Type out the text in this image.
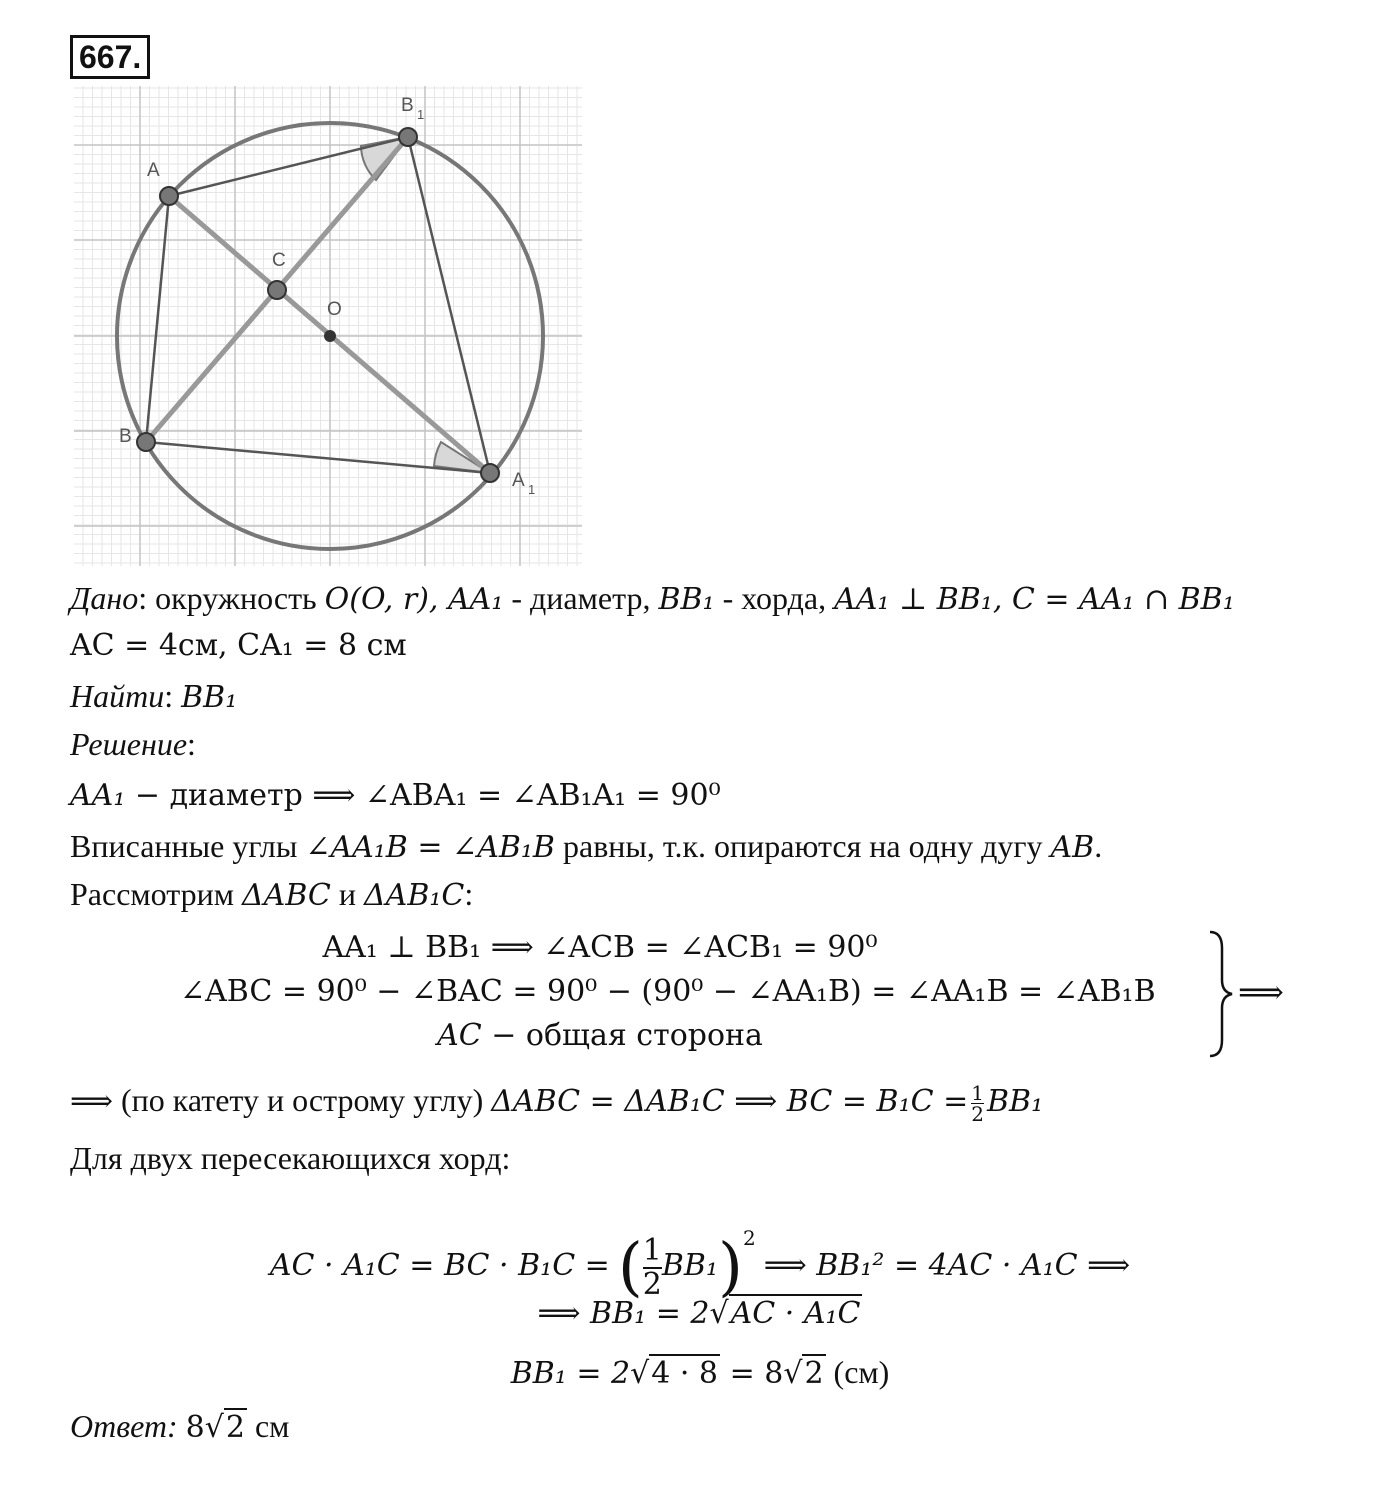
667.
A
B 1
C
O
B
A 1
Дано: окружность O(O, r), AA₁ - диаметр, BB₁ - хорда, AA₁ ⊥ BB₁, C = AA₁ ∩ BB₁
AC = 4см, CA₁ = 8 см
Найти: BB₁
Решение:
AA₁ − диаметр ⟹ ∠ABA₁ = ∠AB₁A₁ = 90⁰
Вписанные углы ∠AA₁B = ∠AB₁B равны, т.к. опираются на одну дугу AB.
Рассмотрим ΔABC и ΔAB₁C:
AA₁ ⊥ BB₁ ⟹ ∠ACB = ∠ACB₁ = 90⁰
∠ABC = 90⁰ − ∠BAC = 90⁰ − (90⁰ − ∠AA₁B) = ∠AA₁B = ∠AB₁B
AC − общая сторона
⟹
⟹ (по катету и острому углу) ΔABC = ΔAB₁C ⟹ BC = $B_1C = \frac{1}{2} BB_1$
Для двух пересекающихся хорд:
AC · A₁C = BC · B₁C = ( $\frac{1}{2} BB_1)^2$ ⟹ BB₁² = 4AC · A₁C ⟹
⟹ BB₁ = 2√AC · A₁C
BB₁ = 2√4 · 8 = 8√2 (см)
Ответ: 8√2 см
